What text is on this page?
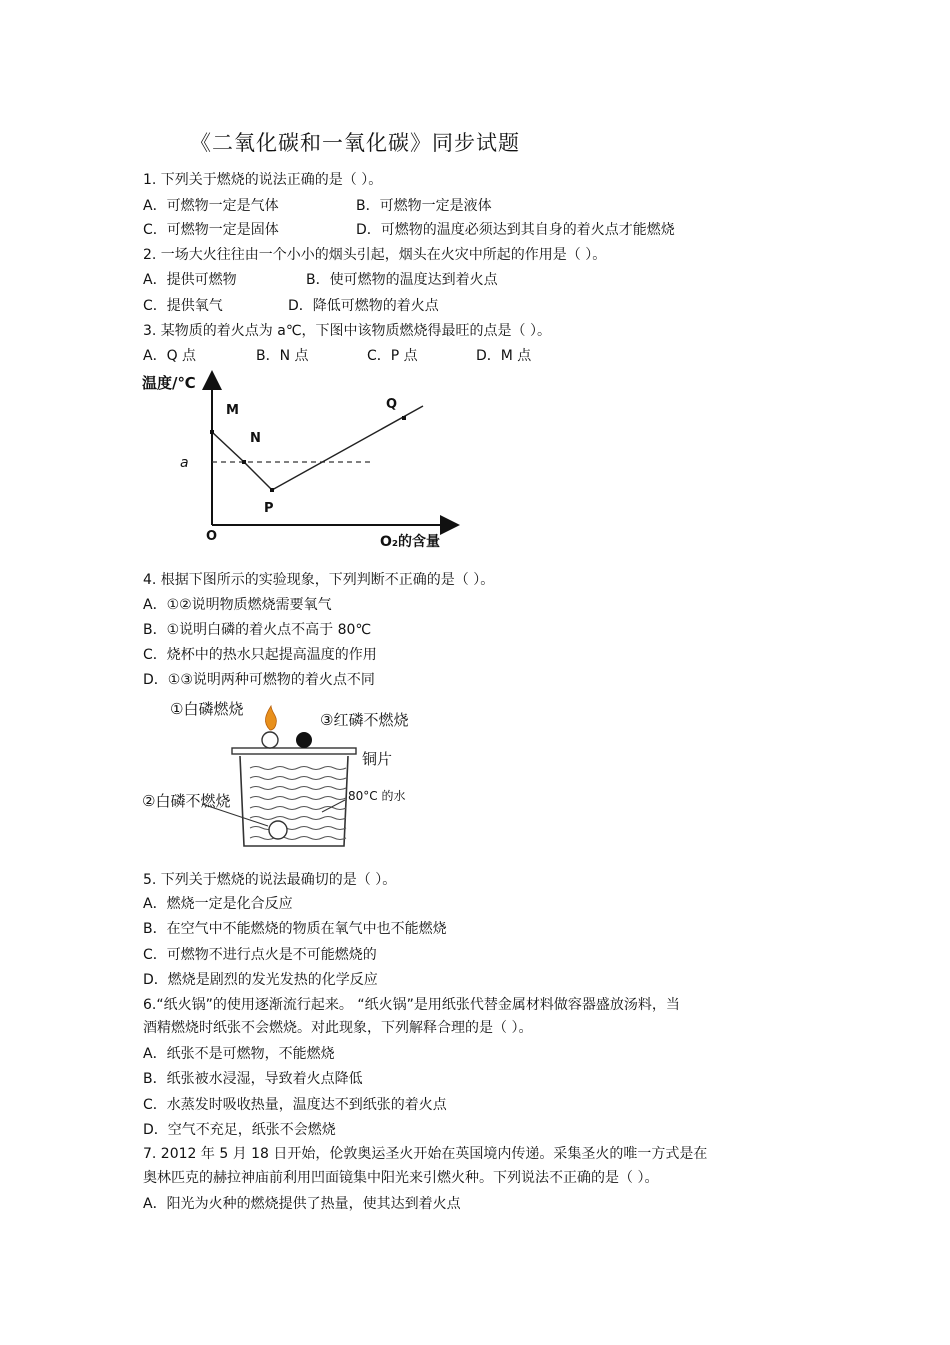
《二氧化碳和一氧化碳》同步试题
1. 下列关于燃烧的说法正确的是（ ）。
A．可燃物一定是气体	B．可燃物一定是液体
C．可燃物一定是固体	D．可燃物的温度必须达到其自身的着火点才能燃烧
2. 一场大火往往由一个小小的烟头引起，烟头在火灾中所起的作用是（ ）。
A．提供可燃物	B．使可燃物的温度达到着火点
C．提供氧气	D．降低可燃物的着火点
3. 某物质的着火点为 a℃，下图中该物质燃烧得最旺的点是（ ）。
A．Q 点	B．N 点	C．P 点	D．M 点
温度/℃
O₂的含量
O
a
M
N
P
Q
4. 根据下图所示的实验现象，下列判断不正确的是（ ）。
A．①②说明物质燃烧需要氧气
B．①说明白磷的着火点不高于 80℃
C．烧杯中的热水只起提高温度的作用
D．①③说明两种可燃物的着火点不同
①白磷燃烧
③红磷不燃烧
铜片
②白磷不燃烧	80°C 的水
5. 下列关于燃烧的说法最确切的是（ ）。
A．燃烧一定是化合反应
B．在空气中不能燃烧的物质在氧气中也不能燃烧
C．可燃物不进行点火是不可能燃烧的
D．燃烧是剧烈的发光发热的化学反应
6.“纸火锅”的使用逐渐流行起来。 “纸火锅”是用纸张代替金属材料做容器盛放汤料，当
酒精燃烧时纸张不会燃烧。对此现象，下列解释合理的是（ ）。
A．纸张不是可燃物，不能燃烧
B．纸张被水浸湿，导致着火点降低
C．水蒸发时吸收热量，温度达不到纸张的着火点
D．空气不充足，纸张不会燃烧
7. 2012 年 5 月 18 日开始，伦敦奥运圣火开始在英国境内传递。采集圣火的唯一方式是在
奥林匹克的赫拉神庙前利用凹面镜集中阳光来引燃火种。下列说法不正确的是（ ）。
A．阳光为火种的燃烧提供了热量，使其达到着火点
